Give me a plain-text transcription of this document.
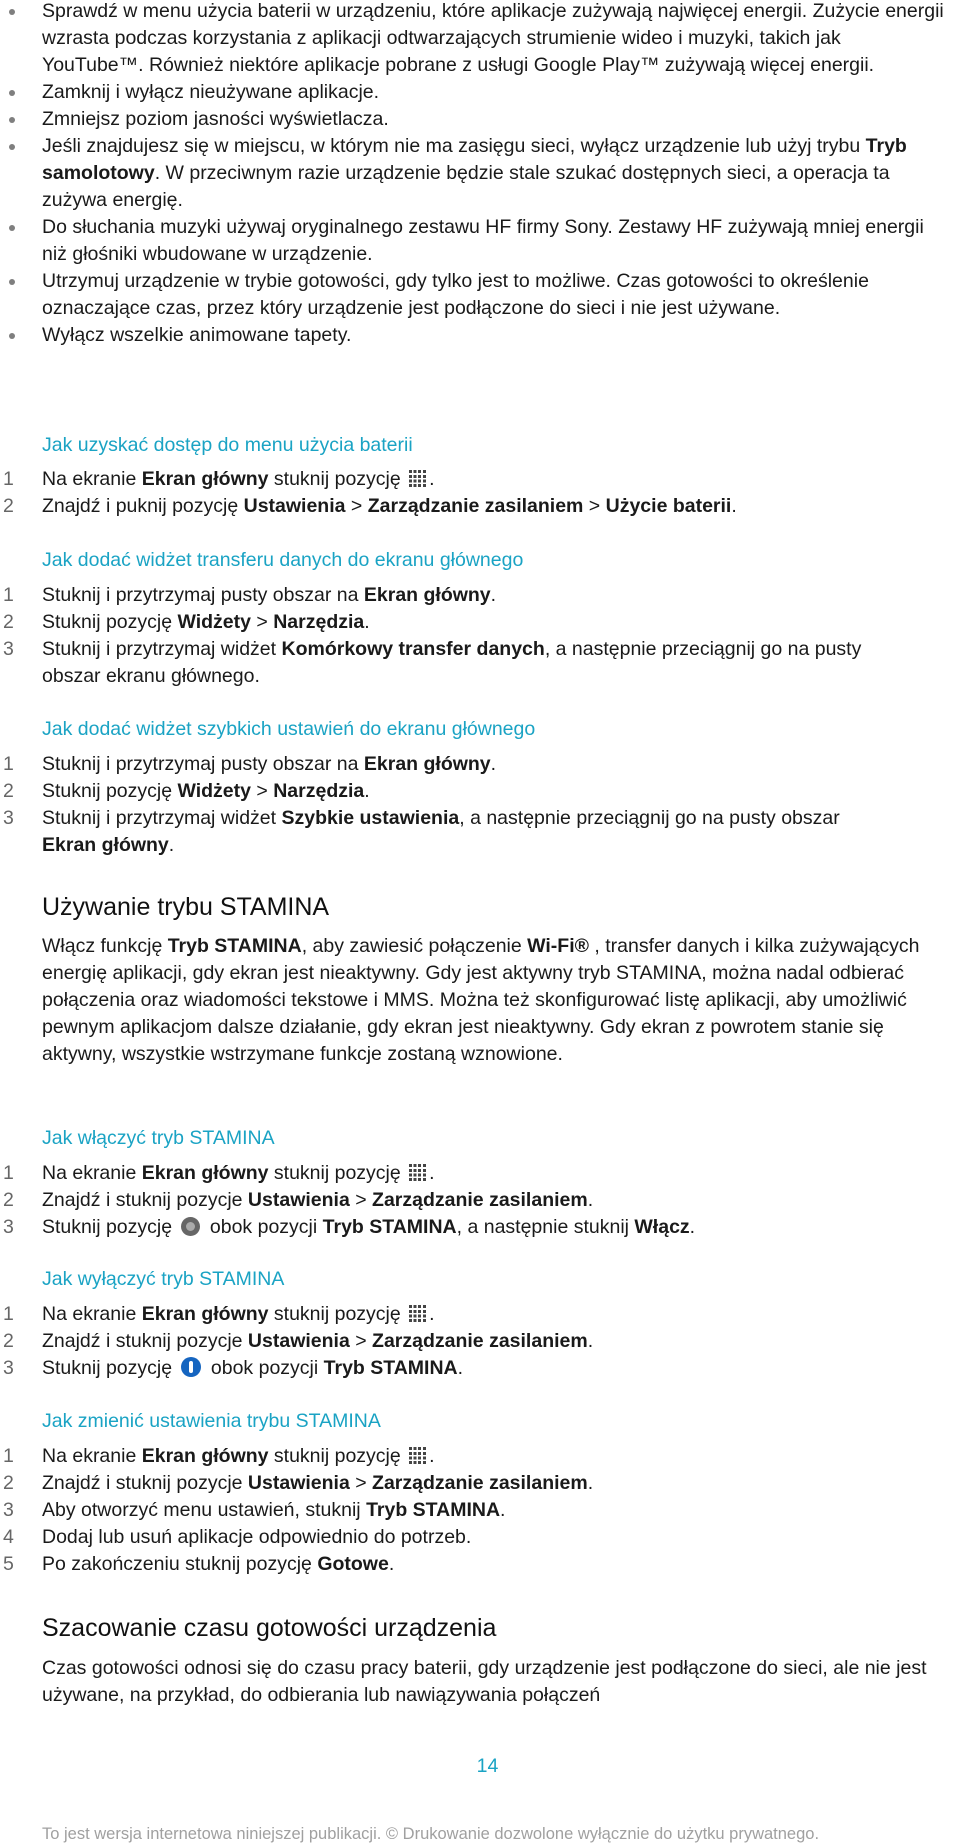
Sprawdź w menu użycia baterii w urządzeniu, które aplikacje zużywają najwięcej energii. Zużycie energii wzrasta podczas korzystania z aplikacji odtwarzających strumienie wideo i muzyki, takich jak YouTube™. Również niektóre aplikacje pobrane z usługi Google Play™ zużywają więcej energii.
Zamknij i wyłącz nieużywane aplikacje.
Zmniejsz poziom jasności wyświetlacza.
Jeśli znajdujesz się w miejscu, w którym nie ma zasięgu sieci, wyłącz urządzenie lub użyj trybu Tryb samolotowy. W przeciwnym razie urządzenie będzie stale szukać dostępnych sieci, a operacja ta zużywa energię.
Do słuchania muzyki używaj oryginalnego zestawu HF firmy Sony. Zestawy HF zużywają mniej energii niż głośniki wbudowane w urządzenie.
Utrzymuj urządzenie w trybie gotowości, gdy tylko jest to możliwe. Czas gotowości to określenie oznaczające czas, przez który urządzenie jest podłączone do sieci i nie jest używane.
Wyłącz wszelkie animowane tapety.
Jak uzyskać dostęp do menu użycia baterii
1	Na ekranie Ekran główny stuknij pozycję .
2	Znajdź i puknij pozycję Ustawienia > Zarządzanie zasilaniem > Użycie baterii.
Jak dodać widżet transferu danych do ekranu głównego
1	Stuknij i przytrzymaj pusty obszar na Ekran główny.
2	Stuknij pozycję Widżety > Narzędzia.
3	Stuknij i przytrzymaj widżet Komórkowy transfer danych, a następnie przeciągnij go na pusty obszar ekranu głównego.
Jak dodać widżet szybkich ustawień do ekranu głównego
1	Stuknij i przytrzymaj pusty obszar na Ekran główny.
2	Stuknij pozycję Widżety > Narzędzia.
3	Stuknij i przytrzymaj widżet Szybkie ustawienia, a następnie przeciągnij go na pusty obszar Ekran główny.
Używanie trybu STAMINA
Włącz funkcję Tryb STAMINA, aby zawiesić połączenie Wi-Fi® , transfer danych i kilka zużywających energię aplikacji, gdy ekran jest nieaktywny. Gdy jest aktywny tryb STAMINA, można nadal odbierać połączenia oraz wiadomości tekstowe i MMS. Można też skonfigurować listę aplikacji, aby umożliwić pewnym aplikacjom dalsze działanie, gdy ekran jest nieaktywny. Gdy ekran z powrotem stanie się aktywny, wszystkie wstrzymane funkcje zostaną wznowione.
Jak włączyć tryb STAMINA
1	Na ekranie Ekran główny stuknij pozycję .
2	Znajdź i stuknij pozycje Ustawienia > Zarządzanie zasilaniem.
3	Stuknij pozycję  obok pozycji Tryb STAMINA, a następnie stuknij Włącz.
Jak wyłączyć tryb STAMINA
1	Na ekranie Ekran główny stuknij pozycję .
2	Znajdź i stuknij pozycje Ustawienia > Zarządzanie zasilaniem.
3	Stuknij pozycję  obok pozycji Tryb STAMINA.
Jak zmienić ustawienia trybu STAMINA
1	Na ekranie Ekran główny stuknij pozycję .
2	Znajdź i stuknij pozycje Ustawienia > Zarządzanie zasilaniem.
3	Aby otworzyć menu ustawień, stuknij Tryb STAMINA.
4	Dodaj lub usuń aplikacje odpowiednio do potrzeb.
5	Po zakończeniu stuknij pozycję Gotowe.
Szacowanie czasu gotowości urządzenia
Czas gotowości odnosi się do czasu pracy baterii, gdy urządzenie jest podłączone do sieci, ale nie jest używane, na przykład, do odbierania lub nawiązywania połączeń
14
To jest wersja internetowa niniejszej publikacji. © Drukowanie dozwolone wyłącznie do użytku prywatnego.
